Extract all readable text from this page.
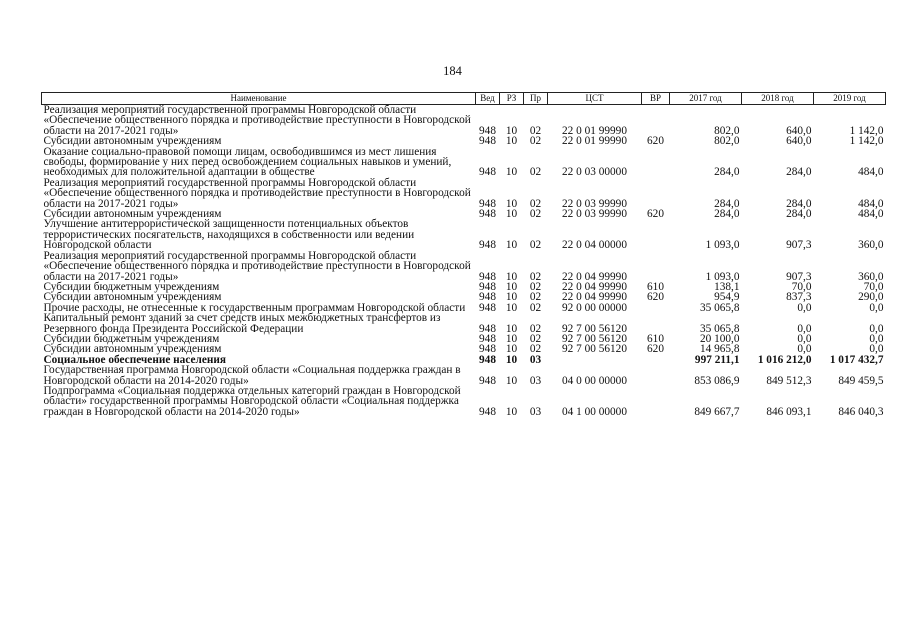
184
Наименование	Вед	РЗ	Пр	ЦСТ	ВР	2017 год	2018 год	2019 год
Реализация мероприятий государственной программы Новгородской области «Обеспечение общественного порядка и противодействие преступности в Новгородской области на 2017-2021 годы»	948	10	02	22 0 01 99990		802,0	640,0	1 142,0
Субсидии автономным учреждениям	948	10	02	22 0 01 99990	620	802,0	640,0	1 142,0
Оказание социально-правовой помощи лицам, освободившимся из мест лишения свободы, формирование у них перед освобождением социальных навыков и умений, необходимых для положительной адаптации в обществе	948	10	02	22 0 03 00000		284,0	284,0	484,0
Реализация мероприятий государственной программы Новгородской области «Обеспечение общественного порядка и противодействие преступности в Новгородской области на 2017-2021 годы»	948	10	02	22 0 03 99990		284,0	284,0	484,0
Субсидии автономным учреждениям	948	10	02	22 0 03 99990	620	284,0	284,0	484,0
Улучшение антитеррористической защищенности потенциальных объектов террористических посягательств, находящихся в собственности или ведении Новгородской области	948	10	02	22 0 04 00000		1 093,0	907,3	360,0
Реализация мероприятий государственной программы Новгородской области «Обеспечение общественного порядка и противодействие преступности в Новгородской области на 2017-2021 годы»	948	10	02	22 0 04 99990		1 093,0	907,3	360,0
Субсидии бюджетным учреждениям	948	10	02	22 0 04 99990	610	138,1	70,0	70,0
Субсидии автономным учреждениям	948	10	02	22 0 04 99990	620	954,9	837,3	290,0
Прочие расходы, не отнесенные к государственным программам Новгородской области	948	10	02	92 0 00 00000		35 065,8	0,0	0,0
Капитальный ремонт зданий за счет средств иных межбюджетных трансфертов из Резервного фонда Президента Российской Федерации	948	10	02	92 7 00 56120		35 065,8	0,0	0,0
Субсидии бюджетным учреждениям	948	10	02	92 7 00 56120	610	20 100,0	0,0	0,0
Субсидии автономным учреждениям	948	10	02	92 7 00 56120	620	14 965,8	0,0	0,0
Социальное обеспечение населения	948	10	03			997 211,1	1 016 212,0	1 017 432,7
Государственная программа Новгородской области «Социальная поддержка граждан в Новгородской области на 2014-2020 годы»	948	10	03	04 0 00 00000		853 086,9	849 512,3	849 459,5
Подпрограмма «Социальная поддержка отдельных категорий граждан в Новгородской области» государственной программы Новгородской области «Социальная поддержка граждан в Новгородской области на 2014-2020 годы»	948	10	03	04 1 00 00000		849 667,7	846 093,1	846 040,3
